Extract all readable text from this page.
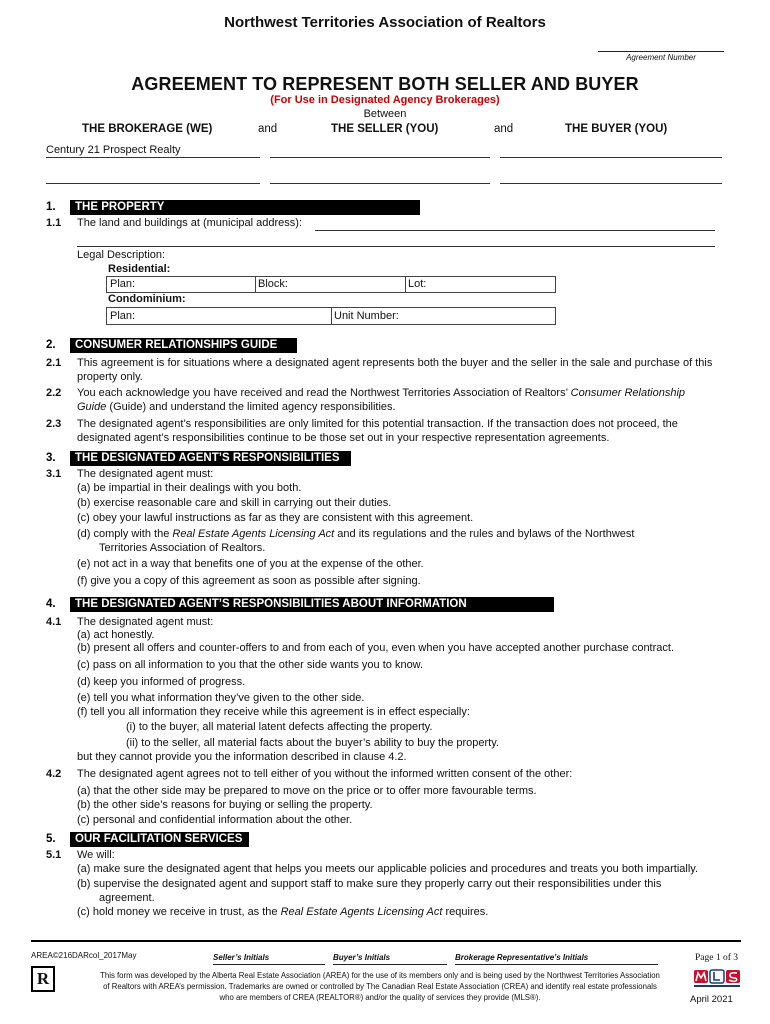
Northwest Territories Association of Realtors
Agreement Number
AGREEMENT TO REPRESENT BOTH SELLER AND BUYER
(For Use in Designated Agency Brokerages)
Between
THE BROKERAGE (WE)	and	THE SELLER (YOU)	and	THE BUYER (YOU)
Century 21 Prospect Realty
1.	THE PROPERTY
1.1 The land and buildings at (municipal address):
Legal Description:
Residential:
Plan:	Block:	Lot:
Condominium:
Plan:	Unit Number:
2.	CONSUMER RELATIONSHIPS GUIDE
2.1 This agreement is for situations where a designated agent represents both the buyer and the seller in the sale and purchase of this
property only.
2.2 You each acknowledge you have received and read the Northwest Territories Association of Realtors’ Consumer Relationship
Guide (Guide) and understand the limited agency responsibilities.
2.3 The designated agent’s responsibilities are only limited for this potential transaction. If the transaction does not proceed, the
designated agent’s responsibilities continue to be those set out in your respective representation agreements.
3.	THE DESIGNATED AGENT’S RESPONSIBILITIES
3.1 The designated agent must:
(a) be impartial in their dealings with you both.
(b) exercise reasonable care and skill in carrying out their duties.
(c) obey your lawful instructions as far as they are consistent with this agreement.
(d) comply with the Real Estate Agents Licensing Act and its regulations and the rules and bylaws of the Northwest
Territories Association of Realtors.
(e) not act in a way that benefits one of you at the expense of the other.
(f) give you a copy of this agreement as soon as possible after signing.
4.	THE DESIGNATED AGENT’S RESPONSIBILITIES ABOUT INFORMATION
4.1 The designated agent must:
(a) act honestly.
(b) present all offers and counter-offers to and from each of you, even when you have accepted another purchase contract.
(c) pass on all information to you that the other side wants you to know.
(d) keep you informed of progress.
(e) tell you what information they’ve given to the other side.
(f) tell you all information they receive while this agreement is in effect especially:
(i) to the buyer, all material latent defects affecting the property.
(ii) to the seller, all material facts about the buyer’s ability to buy the property.
but they cannot provide you the information described in clause 4.2.
4.2 The designated agent agrees not to tell either of you without the informed written consent of the other:
(a) that the other side may be prepared to move on the price or to offer more favourable terms.
(b) the other side’s reasons for buying or selling the property.
(c) personal and confidential information about the other.
5.	OUR FACILITATION SERVICES
5.1 We will:
(a) make sure the designated agent that helps you meets our applicable policies and procedures and treats you both impartially.
(b) supervise the designated agent and support staff to make sure they properly carry out their responsibilities under this
agreement.
(c) hold money we receive in trust, as the Real Estate Agents Licensing Act requires.
AREA©216DARcol_2017May	Seller’s Initials	Buyer’s Initials	Brokerage Representative’s Initials	Page 1 of 3
R	This form was developed by the Alberta Real Estate Association (AREA) for the use of its members only and is being used by the Northwest Territories Association
of Realtors with AREA’s permission. Trademarks are owned or controlled by The Canadian Real Estate Association (CREA) and identify real estate professionals
who are members of CREA (REALTOR®) and/or the quality of services they provide (MLS®).	April 2021
